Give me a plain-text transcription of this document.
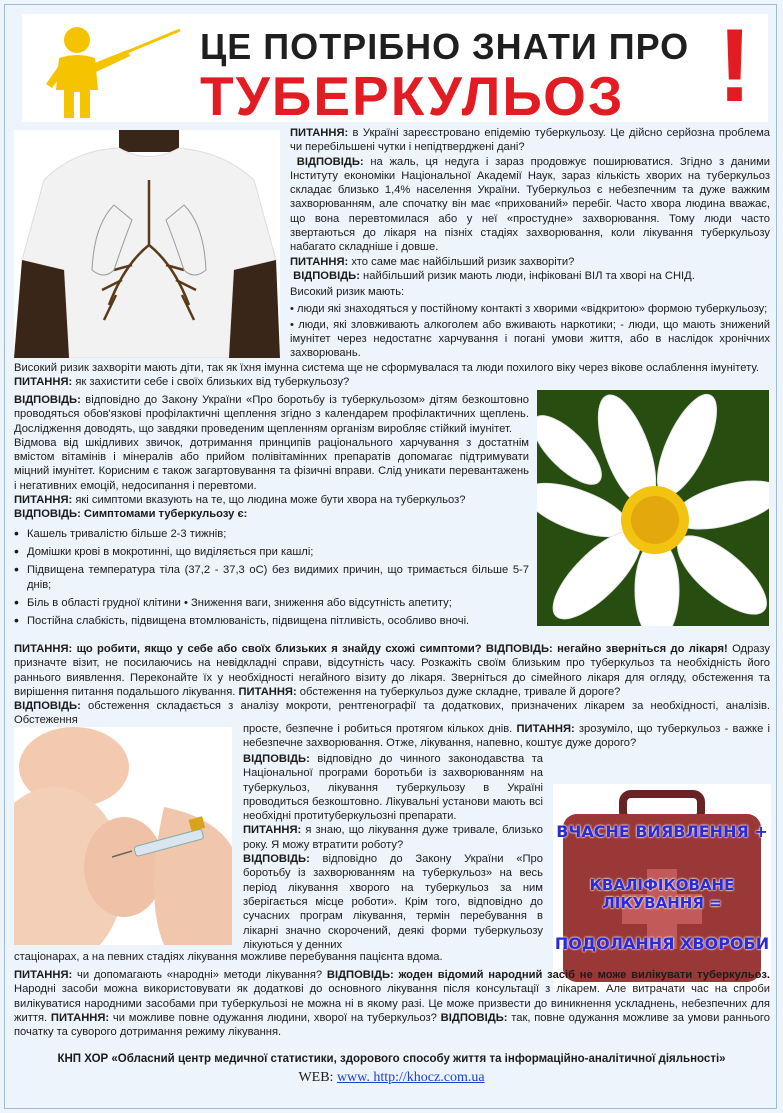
ЦЕ ПОТРІБНО ЗНАТИ ПРО
ТУБЕРКУЛЬОЗ !

ПИТАННЯ: в Україні зареєстровано епідемію туберкульозу. Це дійсно серйозна проблема чи перебільшені чутки і непідтверджені дані?

ВІДПОВІДЬ: на жаль, ця недуга і зараз продовжує поширюватися. Згідно з даними Інституту економіки Національної Академії Наук, зараз кількість хворих на туберкульоз складає близько 1,4% населення України. Туберкульоз є небезпечним та дуже важким захворюванням, але спочатку він має «прихований» перебіг. Часто хвора людина вважає, що вона перевтомилася або у неї «простудне» захворювання. Тому люди часто звертаються до лікаря на пізніх стадіях захворювання, коли лікування туберкульозу набагато складніше і довше.

ПИТАННЯ: хто саме має найбільший ризик захворіти?

ВІДПОВІДЬ: найбільший ризик мають люди, інфіковані ВІЛ та хворі на СНІД.

Високий ризик мають:

• люди які знаходяться у постійному контакті з хворими «відкритою» формою туберкульозу;

• люди, які зловживають алкоголем або вживають наркотики; - люди, що мають знижений імунітет через недостатнє харчування і погані умови життя, або в наслідок хронічних захворювань.

Високий ризик захворіти мають діти, так як їхня імунна система ще не сформувалася та люди похилого віку через вікове ослаблення імунітету.

ПИТАННЯ: як захистити себе і своїх близьких від туберкульозу?

ВІДПОВІДЬ: відповідно до Закону України «Про боротьбу із туберкульозом» дітям безкоштовно проводяться обов'язкові профілактичні щеплення згідно з календарем профілактичних щеплень. Дослідження доводять, що завдяки проведеним щепленням організм виробляє стійкий імунітет.

Відмова від шкідливих звичок, дотримання принципів раціонального харчування з достатнім вмістом вітамінів і мінералів або прийом полівітамінних препаратів допомагає підтримувати міцний імунітет. Корисним є також загартовування та фізичні вправи. Слід уникати перевантажень і негативних емоцій, недосипання і перевтоми.

ПИТАННЯ: які симптоми вказують на те, що людина може бути хвора на туберкульоз?

ВІДПОВІДЬ: Симптомами туберкульозу є:

• Кашель тривалістю більше 2-3 тижнів;
• Домішки крові в мокротинні, що виділяється при кашлі;
• Підвищена температура тіла (37,2 - 37,3 оС) без видимих причин, що тримається більше 5-7 днів;
• Біль в області грудної клітини • Зниження ваги, зниження або відсутність апетиту;
• Постійна слабкість, підвищена втомлюваність, підвищена пітливість, особливо вночі.

ПИТАННЯ: що робити, якщо у себе або своїх близьких я знайду схожі симптоми? ВІДПОВІДЬ: негайно зверніться до лікаря! Одразу призначте візит, не посилаючись на невідкладні справи, відсутність часу. Розкажіть своїм близьким про туберкульоз та необхідність його раннього виявлення. Переконайте їх у необхідності негайного візиту до лікаря. Зверніться до сімейного лікаря для огляду, обстеження та вирішення питання подальшого лікування. ПИТАННЯ: обстеження на туберкульоз дуже складне, тривале й дороге?

ВІДПОВІДЬ: обстеження складається з аналізу мокроти, рентгенографії та додаткових, призначених лікарем за необхідності, аналізів. Обстеження

просте, безпечне і робиться протягом кількох днів. ПИТАННЯ: зрозуміло, що туберкульоз - важке і небезпечне захворювання. Отже, лікування, напевно, коштує дуже дорого?

ВЧАСНЕ ВИЯВЛЕННЯ +
КВАЛІФІКОВАНЕ ЛІКУВАННЯ =
ПОДОЛАННЯ ХВОРОБИ

ВІДПОВІДЬ: відповідно до чинного законодавства та Національної програми боротьби із захворюванням на туберкульоз, лікування туберкульозу в Україні проводиться безкоштовно. Лікувальні установи мають всі необхідні протитуберкульозні препарати.

ПИТАННЯ: я знаю, що лікування дуже тривале, близько року. Я можу втратити роботу?

ВІДПОВІДЬ: відповідно до Закону України «Про боротьбу із захворюванням на туберкульоз» на весь період лікування хворого на туберкульоз за ним зберігається місце роботи». Крім того, відповідно до сучасних програм лікування, термін перебування в лікарні значно скорочений, деякі форми туберкульозу лікуються у денних

стаціонарах, а на певних стадіях лікування можливе перебування пацієнта вдома.

ПИТАННЯ: чи допомагають «народні» методи лікування? ВІДПОВІДЬ: жоден відомий народний засіб не може вилікувати туберкульоз. Народні засоби можна використовувати як додаткові до основного лікування після консультації з лікарем. Але витрачати час на спроби вилікуватися народними засобами при туберкульозі не можна ні в якому разі. Це може призвести до виникнення ускладнень, небезпечних для життя. ПИТАННЯ: чи можливе повне одужання людини, хворої на туберкульоз? ВІДПОВІДЬ: так, повне одужання можливе за умови раннього початку та суворого дотримання режиму лікування.

КНП ХОР «Обласний центр медичної статистики, здорового способу життя та інформаційно-аналітичної діяльності»
WEB: www. http://khocz.com.ua
